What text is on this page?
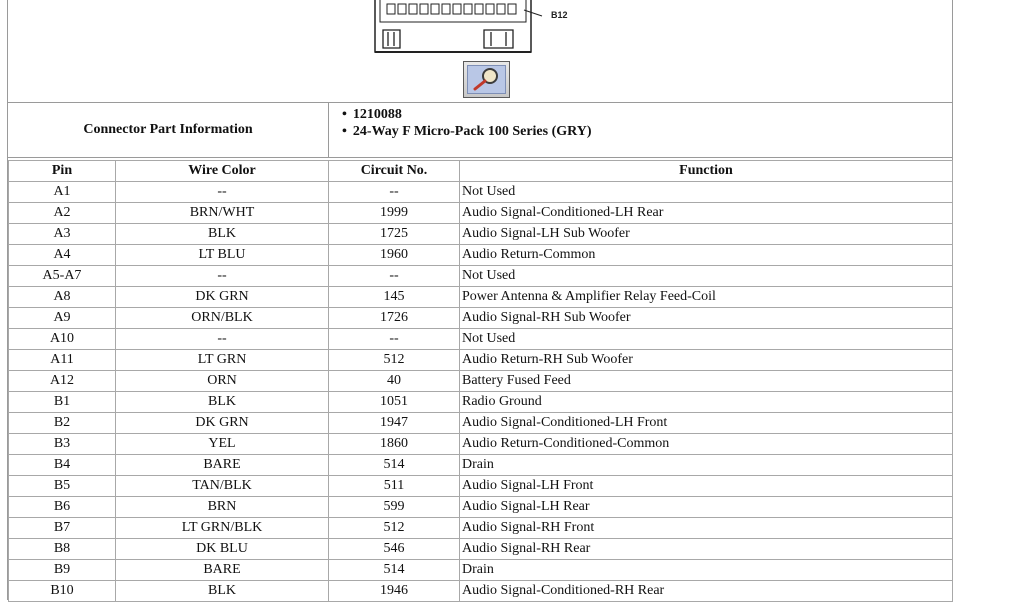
B12
Connector Part Information
• 1210088
• 24-Way F Micro-Pack 100 Series (GRY)
Pin	Wire Color	Circuit No.	Function
A1	--	--	Not Used
A2	BRN/WHT	1999	Audio Signal-Conditioned-LH Rear
A3	BLK	1725	Audio Signal-LH Sub Woofer
A4	LT BLU	1960	Audio Return-Common
A5-A7	--	--	Not Used
A8	DK GRN	145	Power Antenna & Amplifier Relay Feed-Coil
A9	ORN/BLK	1726	Audio Signal-RH Sub Woofer
A10	--	--	Not Used
A11	LT GRN	512	Audio Return-RH Sub Woofer
A12	ORN	40	Battery Fused Feed
B1	BLK	1051	Radio Ground
B2	DK GRN	1947	Audio Signal-Conditioned-LH Front
B3	YEL	1860	Audio Return-Conditioned-Common
B4	BARE	514	Drain
B5	TAN/BLK	511	Audio Signal-LH Front
B6	BRN	599	Audio Signal-LH Rear
B7	LT GRN/BLK	512	Audio Signal-RH Front
B8	DK BLU	546	Audio Signal-RH Rear
B9	BARE	514	Drain
B10	BLK	1946	Audio Signal-Conditioned-RH Rear
